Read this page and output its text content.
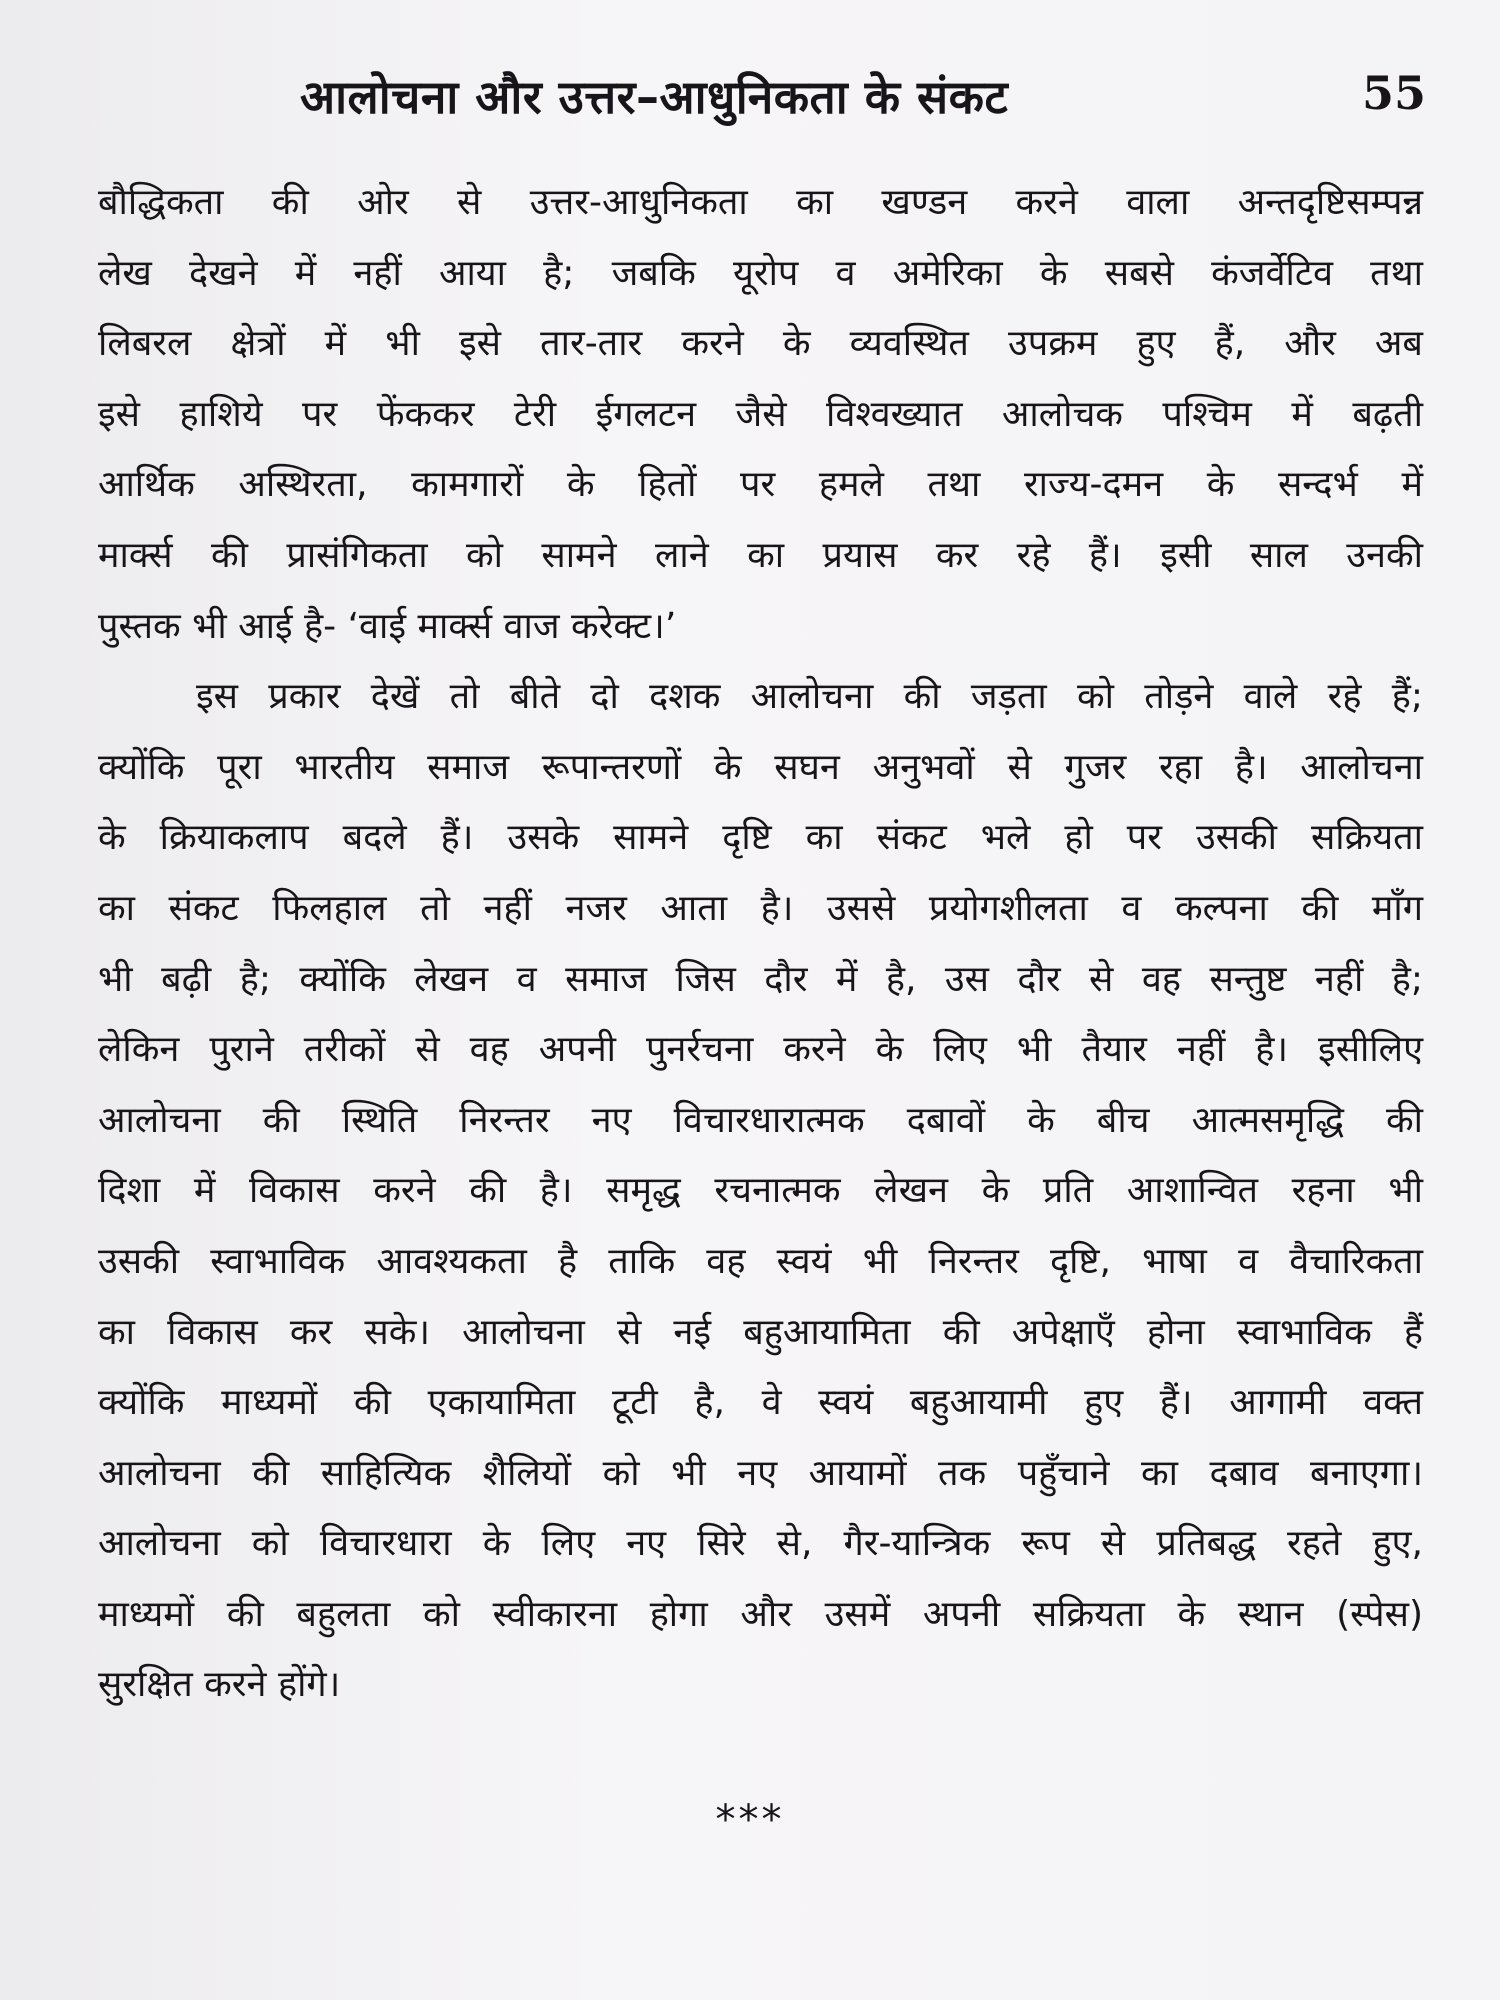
आलोचना और उत्तर–आधुनिकता के संकट	55
बौद्धिकता की ओर से उत्तर-आधुनिकता का खण्डन करने वाला अन्तदृष्टिसम्पन्न
लेख देखने में नहीं आया है; जबकि यूरोप व अमेरिका के सबसे कंजर्वेटिव तथा
लिबरल क्षेत्रों में भी इसे तार-तार करने के व्यवस्थित उपक्रम हुए हैं, और अब
इसे हाशिये पर फेंककर टेरी ईगलटन जैसे विश्वख्यात आलोचक पश्चिम में बढ़ती
आर्थिक अस्थिरता, कामगारों के हितों पर हमले तथा राज्य-दमन के सन्दर्भ में
मार्क्स की प्रासंगिकता को सामने लाने का प्रयास कर रहे हैं। इसी साल उनकी
पुस्तक भी आई है- ‘वाई मार्क्स वाज करेक्ट।’
इस प्रकार देखें तो बीते दो दशक आलोचना की जड़ता को तोड़ने वाले रहे हैं;
क्योंकि पूरा भारतीय समाज रूपान्तरणों के सघन अनुभवों से गुजर रहा है। आलोचना
के क्रियाकलाप बदले हैं। उसके सामने दृष्टि का संकट भले हो पर उसकी सक्रियता
का संकट फिलहाल तो नहीं नजर आता है। उससे प्रयोगशीलता व कल्पना की माँग
भी बढ़ी है; क्योंकि लेखन व समाज जिस दौर में है, उस दौर से वह सन्तुष्ट नहीं है;
लेकिन पुराने तरीकों से वह अपनी पुनर्रचना करने के लिए भी तैयार नहीं है। इसीलिए
आलोचना की स्थिति निरन्तर नए विचारधारात्मक दबावों के बीच आत्मसमृद्धि की
दिशा में विकास करने की है। समृद्ध रचनात्मक लेखन के प्रति आशान्वित रहना भी
उसकी स्वाभाविक आवश्यकता है ताकि वह स्वयं भी निरन्तर दृष्टि, भाषा व वैचारिकता
का विकास कर सके। आलोचना से नई बहुआयामिता की अपेक्षाएँ होना स्वाभाविक हैं
क्योंकि माध्यमों की एकायामिता टूटी है, वे स्वयं बहुआयामी हुए हैं। आगामी वक्त
आलोचना की साहित्यिक शैलियों को भी नए आयामों तक पहुँचाने का दबाव बनाएगा।
आलोचना को विचारधारा के लिए नए सिरे से, गैर-यान्त्रिक रूप से प्रतिबद्ध रहते हुए,
माध्यमों की बहुलता को स्वीकारना होगा और उसमें अपनी सक्रियता के स्थान (स्पेस)
सुरक्षित करने होंगे।
***
